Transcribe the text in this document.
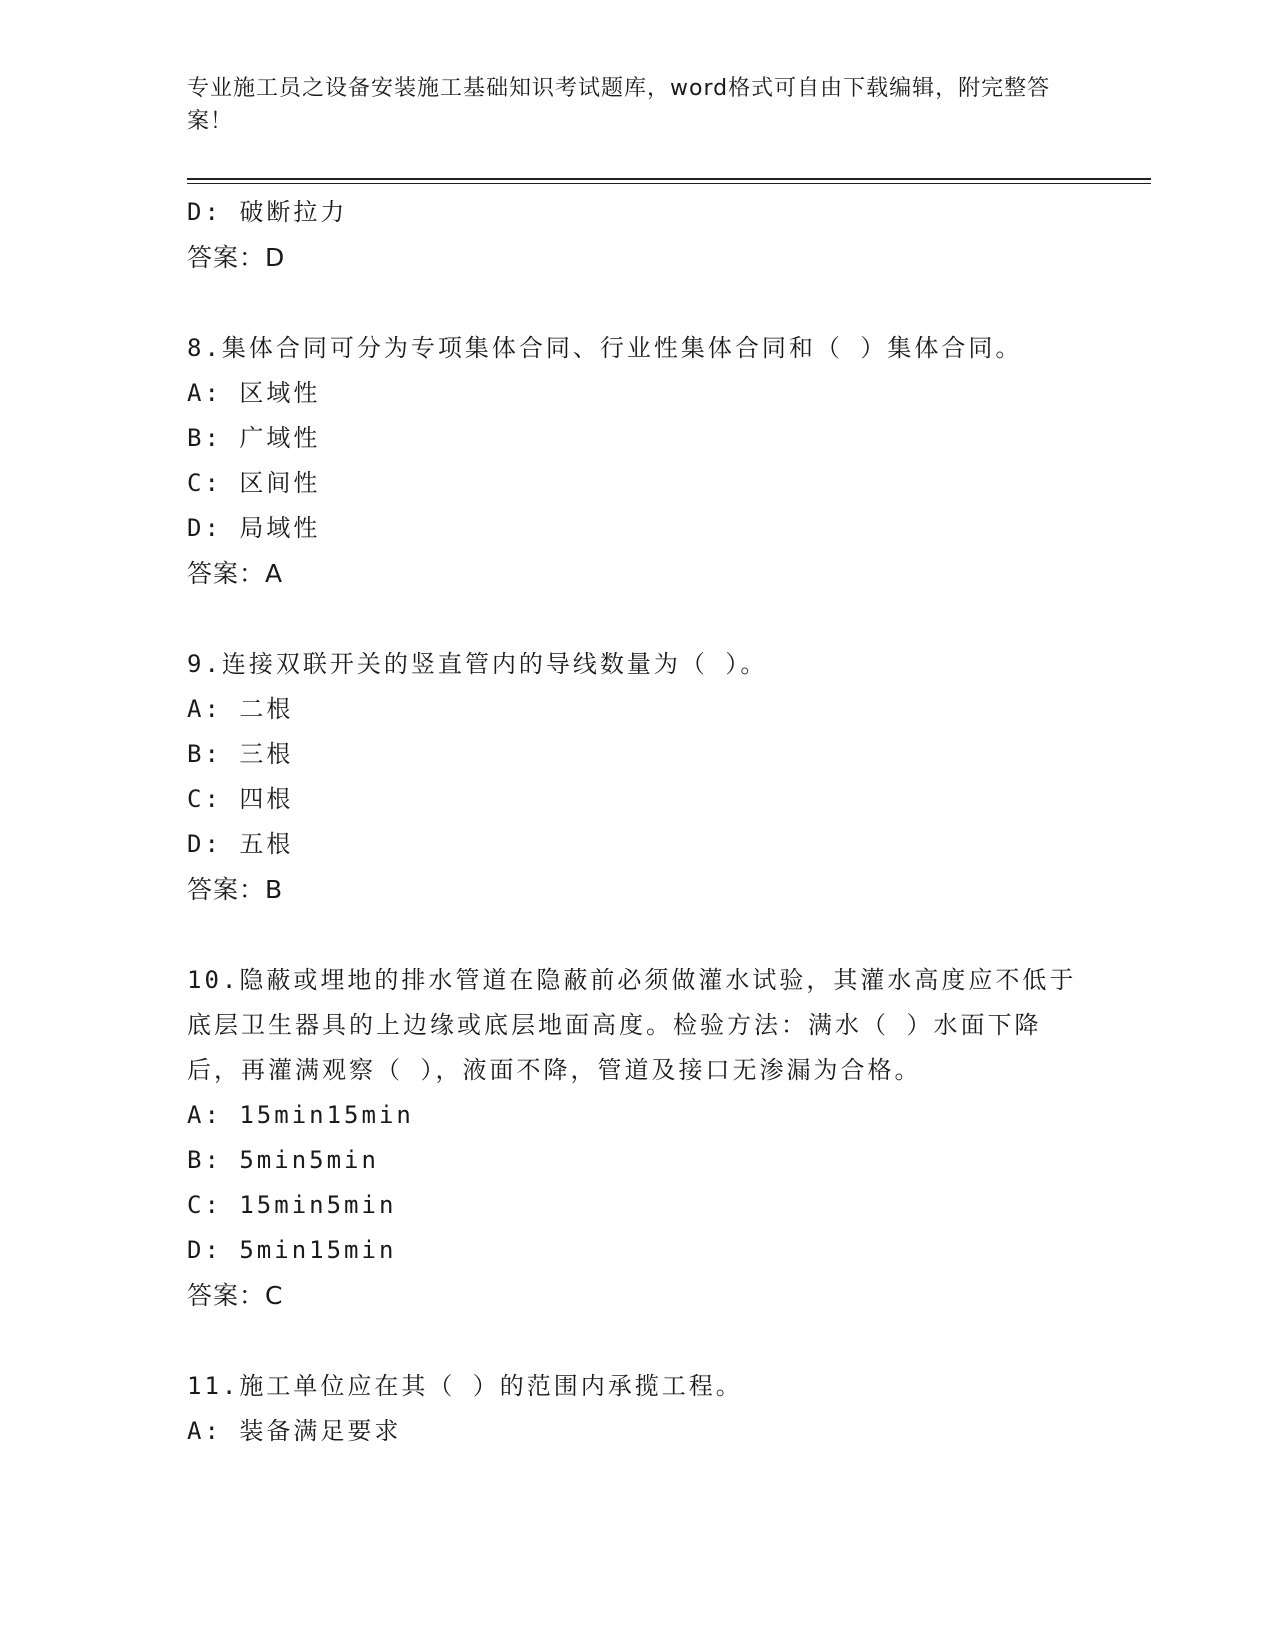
专业施工员之设备安装施工基础知识考试题库，word格式可自由下载编辑，附完整答案！
D: 破断拉力
答案：D
8.集体合同可分为专项集体合同、行业性集体合同和（ ）集体合同。
A: 区域性
B: 广域性
C: 区间性
D: 局域性
答案：A
9.连接双联开关的竖直管内的导线数量为（ ）。
A: 二根
B: 三根
C: 四根
D: 五根
答案：B
10.隐蔽或埋地的排水管道在隐蔽前必须做灌水试验，其灌水高度应不低于底层卫生器具的上边缘或底层地面高度。检验方法：满水（ ）水面下降后，再灌满观察（ ），液面不降，管道及接口无渗漏为合格。
A: 15min15min
B: 5min5min
C: 15min5min
D: 5min15min
答案：C
11.施工单位应在其（ ）的范围内承揽工程。
A: 装备满足要求
